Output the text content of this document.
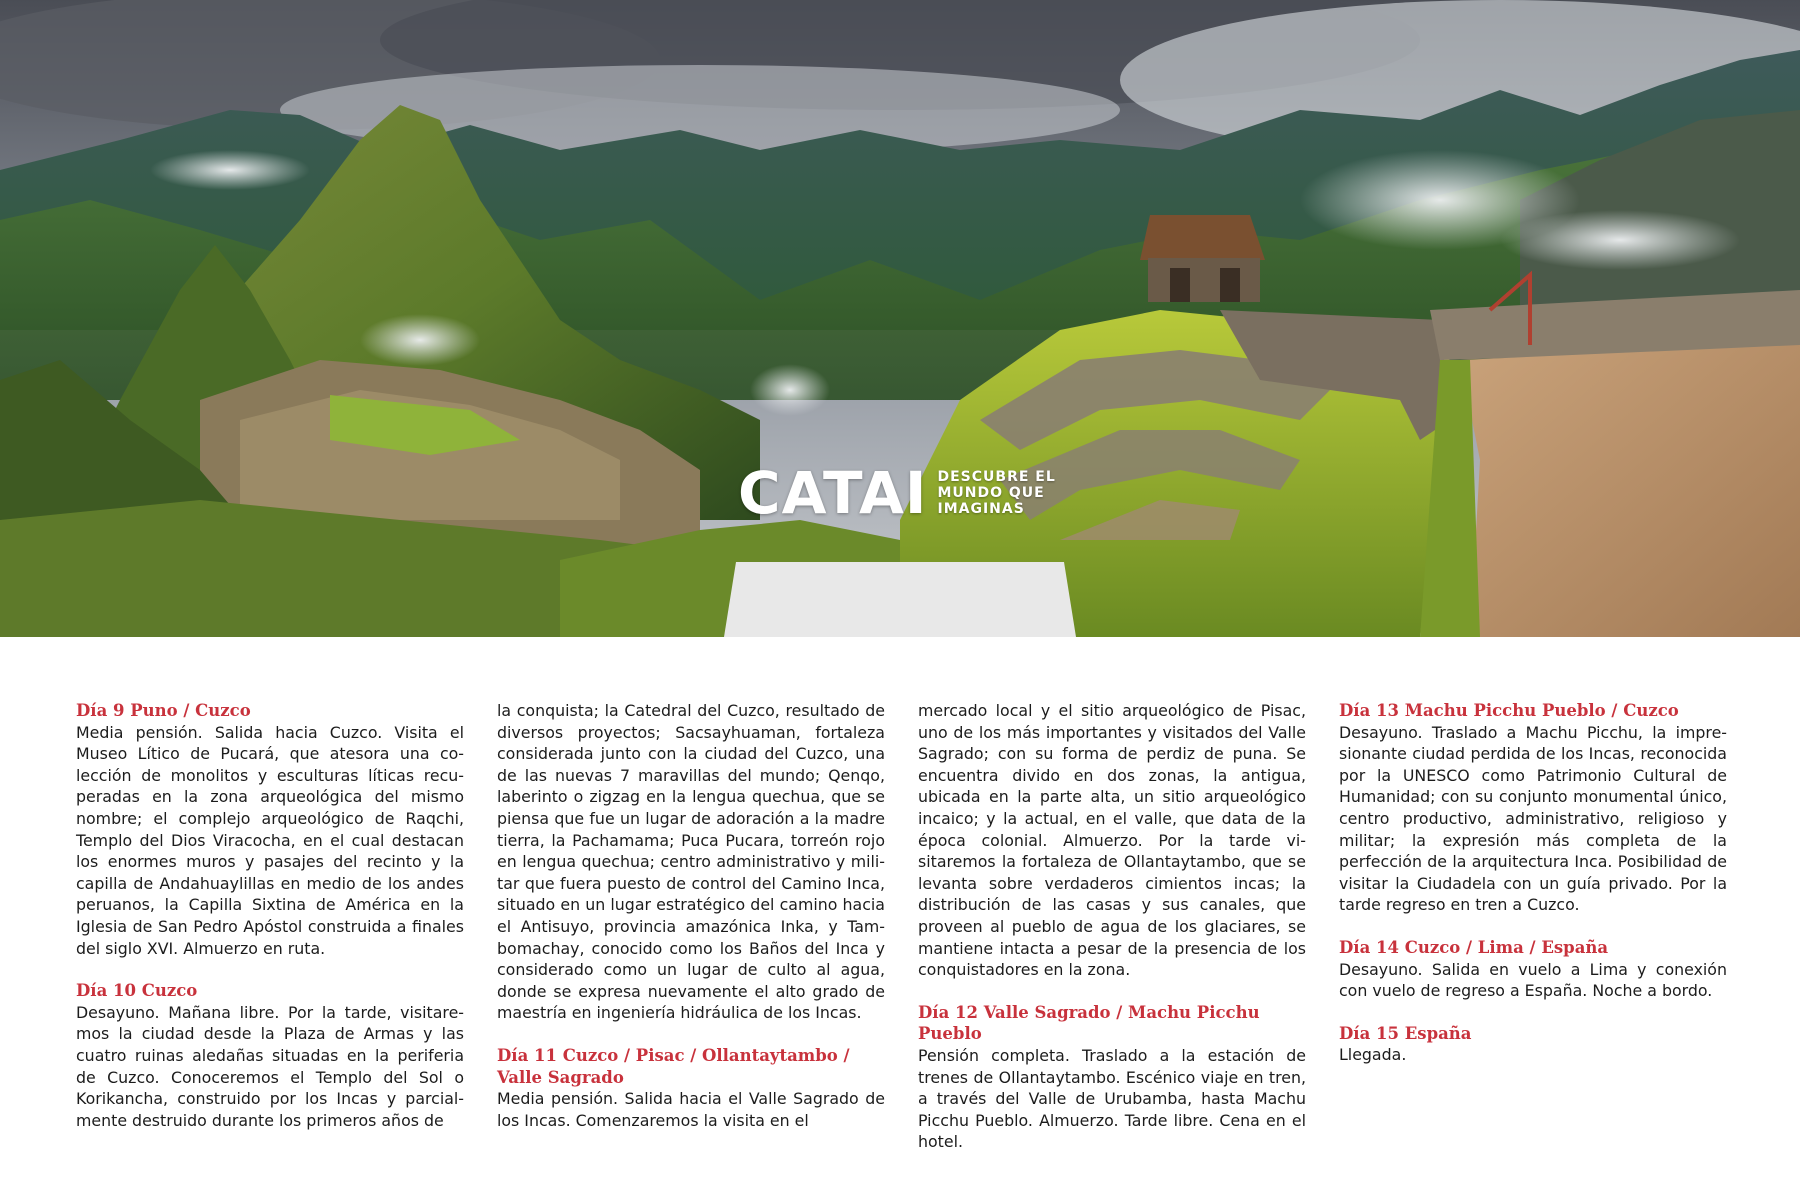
CATAI DESCUBRE EL
MUNDO QUE
IMAGINAS

Día 9 Puno / Cuzco

Media pensión. Salida hacia Cuzco. Visita el Museo Lítico de Pucará, que atesora una colección de monolitos y esculturas líticas recuperadas en la zona arqueológica del mismo nombre; el complejo arqueológico de Raqchi, Templo del Dios Viracocha, en el cual destacan los enormes muros y pasajes del recinto y la capilla de Andahuaylillas en medio de los andes peruanos, la Capilla Sixtina de América en la Iglesia de San Pedro Apóstol construida a finales del siglo XVI. Almuerzo en ruta.

Día 10 Cuzco

Desayuno. Mañana libre. Por la tarde, visitaremos la ciudad desde la Plaza de Armas y las cuatro ruinas aledañas situadas en la periferia de Cuzco. Conoceremos el Templo del Sol o Korikancha, construido por los Incas y parcialmente destruido durante los primeros años de

la conquista; la Catedral del Cuzco, resultado de diversos proyectos; Sacsayhuaman, fortaleza considerada junto con la ciudad del Cuzco, una de las nuevas 7 maravillas del mundo; Qenqo, laberinto o zigzag en la lengua quechua, que se piensa que fue un lugar de adoración a la madre tierra, la Pachamama; Puca Pucara, torreón rojo en lengua quechua; centro administrativo y militar que fuera puesto de control del Camino Inca, situado en un lugar estratégico del camino hacia el Antisuyo, provincia amazónica Inka, y Tambomachay, conocido como los Baños del Inca y considerado como un lugar de culto al agua, donde se expresa nuevamente el alto grado de maestría en ingeniería hidráulica de los Incas.

Día 11 Cuzco / Pisac / Ollantaytambo / Valle Sagrado

Media pensión. Salida hacia el Valle Sagrado de los Incas. Comenzaremos la visita en el

mercado local y el sitio arqueológico de Pisac, uno de los más importantes y visitados del Valle Sagrado; con su forma de perdiz de puna. Se encuentra divido en dos zonas, la antigua, ubicada en la parte alta, un sitio arqueológico incaico; y la actual, en el valle, que data de la época colonial. Almuerzo. Por la tarde visitaremos la fortaleza de Ollantaytambo, que se levanta sobre verdaderos cimientos incas; la distribución de las casas y sus canales, que proveen al pueblo de agua de los glaciares, se mantiene intacta a pesar de la presencia de los conquistadores en la zona.

Día 12 Valle Sagrado / Machu Picchu Pueblo

Pensión completa. Traslado a la estación de trenes de Ollantaytambo. Escénico viaje en tren, a través del Valle de Urubamba, hasta Machu Picchu Pueblo. Almuerzo. Tarde libre. Cena en el hotel.

Día 13 Machu Picchu Pueblo / Cuzco

Desayuno. Traslado a Machu Picchu, la impresionante ciudad perdida de los Incas, reconocida por la UNESCO como Patrimonio Cultural de Humanidad; con su conjunto monumental único, centro productivo, administrativo, religioso y militar; la expresión más completa de la perfección de la arquitectura Inca. Posibilidad de visitar la Ciudadela con un guía privado. Por la tarde regreso en tren a Cuzco.

Día 14 Cuzco / Lima / España

Desayuno. Salida en vuelo a Lima y conexión con vuelo de regreso a España. Noche a bordo.

Día 15 España

Llegada.
